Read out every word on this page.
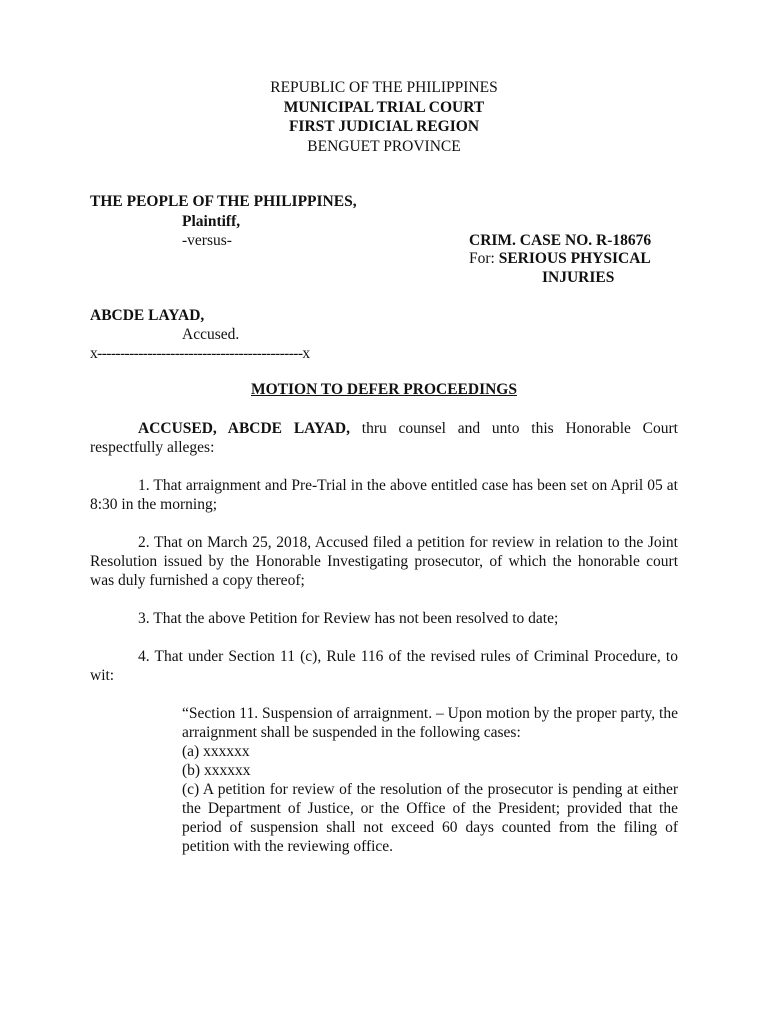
REPUBLIC OF THE PHILIPPINES
MUNICIPAL TRIAL COURT
FIRST JUDICIAL REGION
BENGUET PROVINCE
THE PEOPLE OF THE PHILIPPINES,
Plaintiff,
-versus-	CRIM. CASE NO. R-18676
For: SERIOUS PHYSICAL
INJURIES
ABCDE LAYAD,
Accused.
x---------------------------------------------x
MOTION TO DEFER PROCEEDINGS
ACCUSED, ABCDE LAYAD, thru counsel and unto this Honorable Court respectfully alleges:
1. That arraignment and Pre-Trial in the above entitled case has been set on April 05 at 8:30 in the morning;
2. That on March 25, 2018, Accused filed a petition for review in relation to the Joint Resolution issued by the Honorable Investigating prosecutor, of which the honorable court was duly furnished a copy thereof;
3. That the above Petition for Review has not been resolved to date;
4. That under Section 11 (c), Rule 116 of the revised rules of Criminal Procedure, to wit:

“Section 11. Suspension of arraignment. – Upon motion by the proper party, the arraignment shall be suspended in the following cases:

(a) xxxxxx

(b) xxxxxx

(c) A petition for review of the resolution of the prosecutor is pending at either the Department of Justice, or the Office of the President; provided that the period of suspension shall not exceed 60 days counted from the filing of petition with the reviewing office.
